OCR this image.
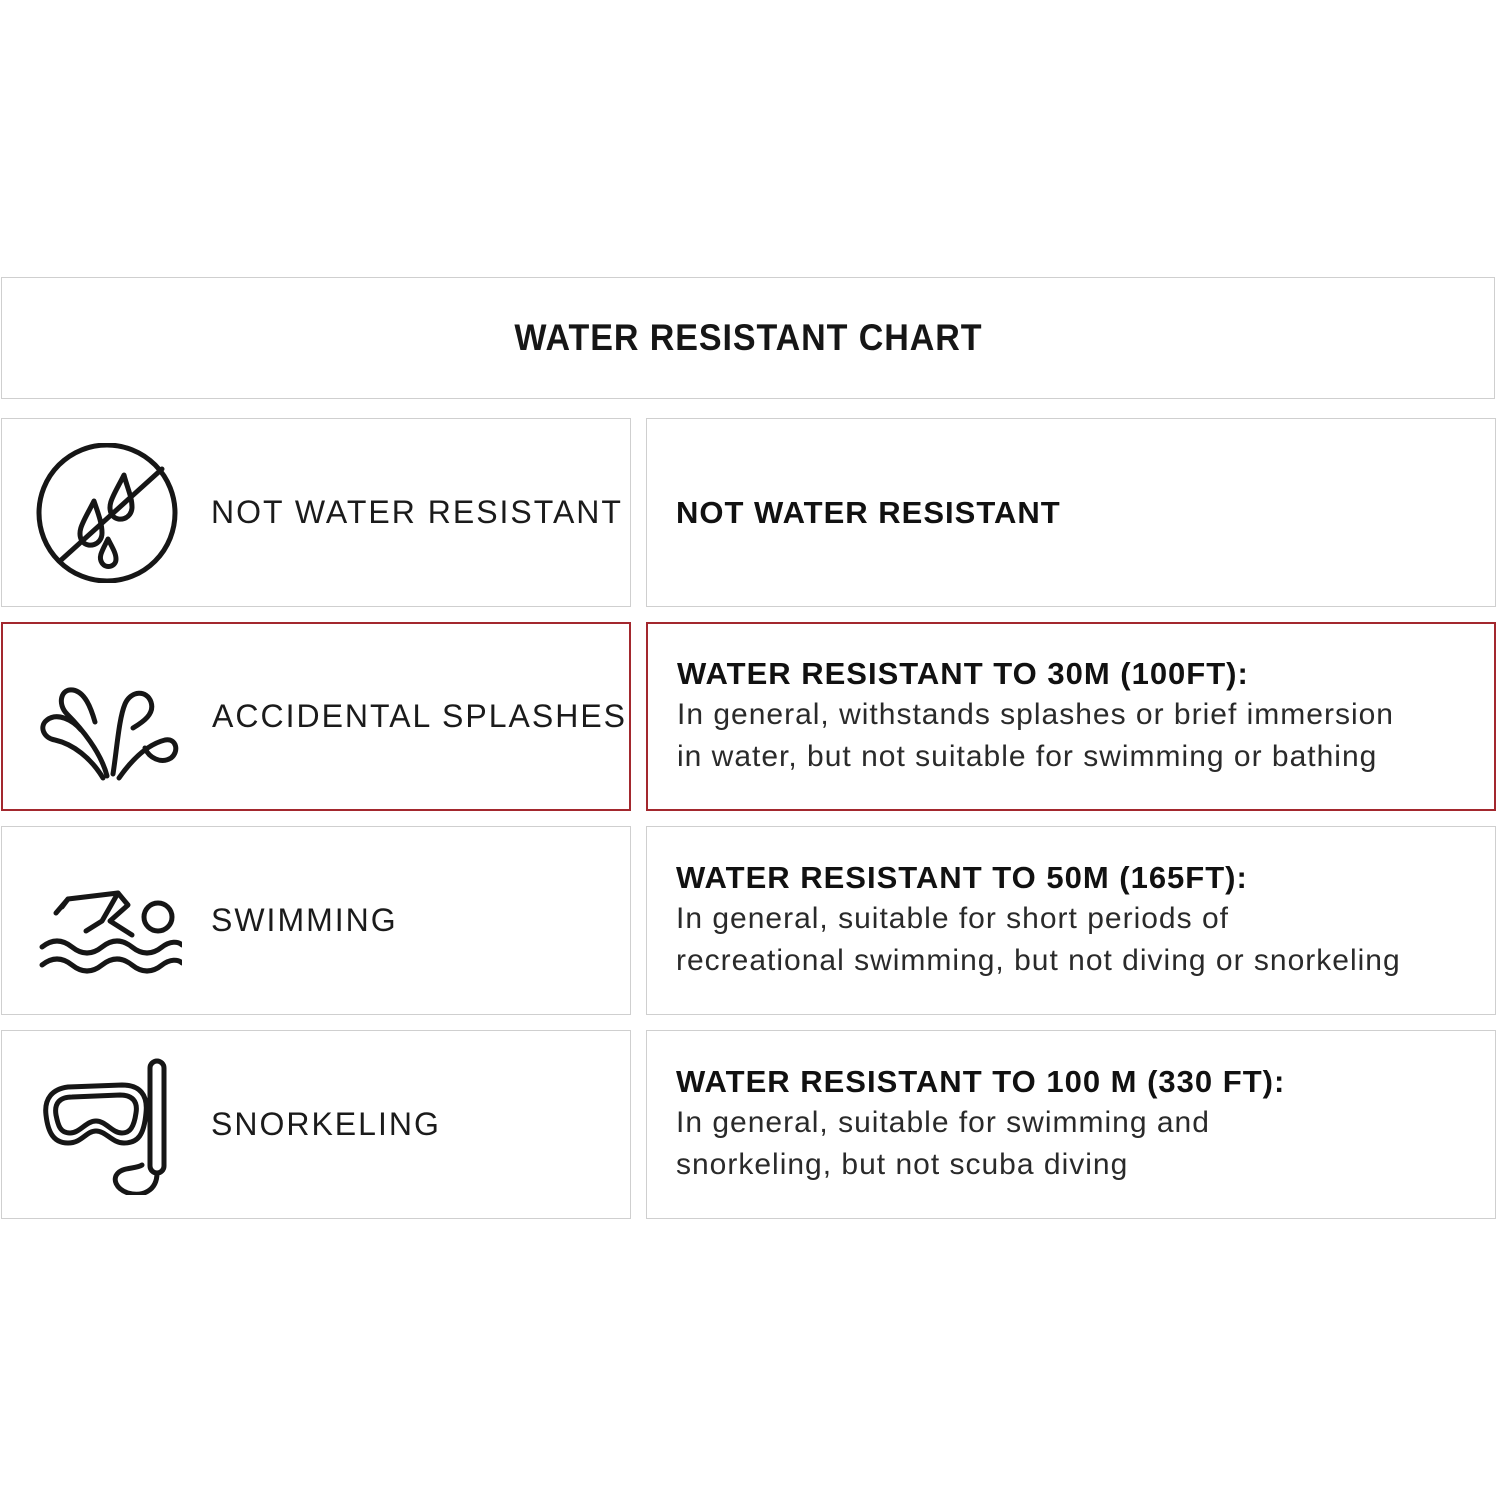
WATER RESISTANT CHART
NOT WATER RESISTANT NOT WATER RESISTANT
ACCIDENTAL SPLASHES
WATER RESISTANT TO 30M (100FT):
In general, withstands splashes or brief immersion
in water, but not suitable for swimming or bathing
SWIMMING
WATER RESISTANT TO 50M (165FT):
In general, suitable for short periods of
recreational swimming, but not diving or snorkeling
SNORKELING
WATER RESISTANT TO 100 M (330 FT):
In general, suitable for swimming and
snorkeling, but not scuba diving
